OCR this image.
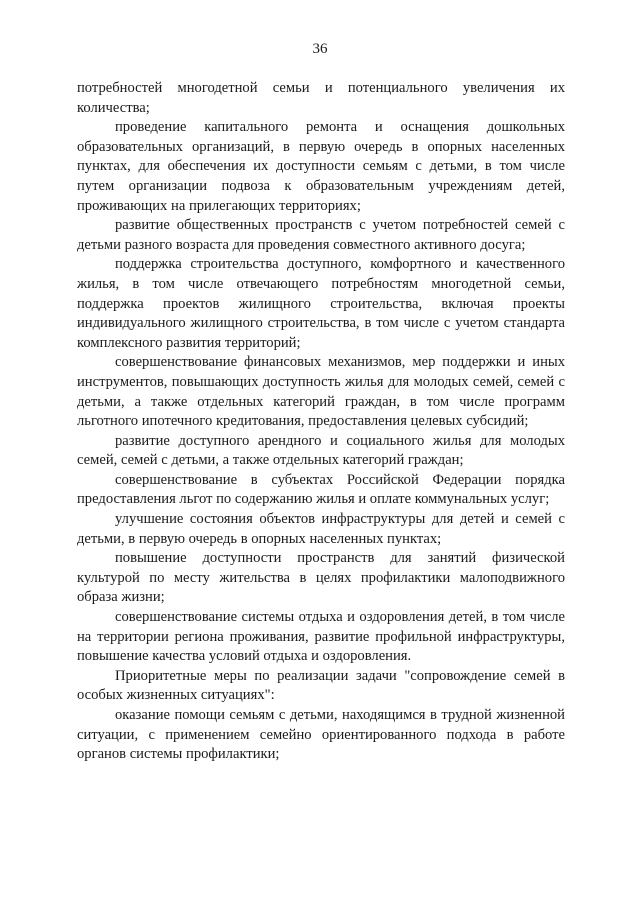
36

потребностей многодетной семьи и потенциального увеличения их количества;

проведение капитального ремонта и оснащения дошкольных образовательных организаций, в первую очередь в опорных населенных пунктах, для обеспечения их доступности семьям с детьми, в том числе путем организации подвоза к образовательным учреждениям детей, проживающих на прилегающих территориях;

развитие общественных пространств с учетом потребностей семей с детьми разного возраста для проведения совместного активного досуга;

поддержка строительства доступного, комфортного и качественного жилья, в том числе отвечающего потребностям многодетной семьи, поддержка проектов жилищного строительства, включая проекты индивидуального жилищного строительства, в том числе с учетом стандарта комплексного развития территорий;

совершенствование финансовых механизмов, мер поддержки и иных инструментов, повышающих доступность жилья для молодых семей, семей с детьми, а также отдельных категорий граждан, в том числе программ льготного ипотечного кредитования, предоставления целевых субсидий;

развитие доступного арендного и социального жилья для молодых семей, семей с детьми, а также отдельных категорий граждан;

совершенствование в субъектах Российской Федерации порядка предоставления льгот по содержанию жилья и оплате коммунальных услуг;

улучшение состояния объектов инфраструктуры для детей и семей с детьми, в первую очередь в опорных населенных пунктах;

повышение доступности пространств для занятий физической культурой по месту жительства в целях профилактики малоподвижного образа жизни;

совершенствование системы отдыха и оздоровления детей, в том числе на территории региона проживания, развитие профильной инфраструктуры, повышение качества условий отдыха и оздоровления.

Приоритетные меры по реализации задачи "сопровождение семей в особых жизненных ситуациях":

оказание помощи семьям с детьми, находящимся в трудной жизненной ситуации, с применением семейно ориентированного подхода в работе органов системы профилактики;
